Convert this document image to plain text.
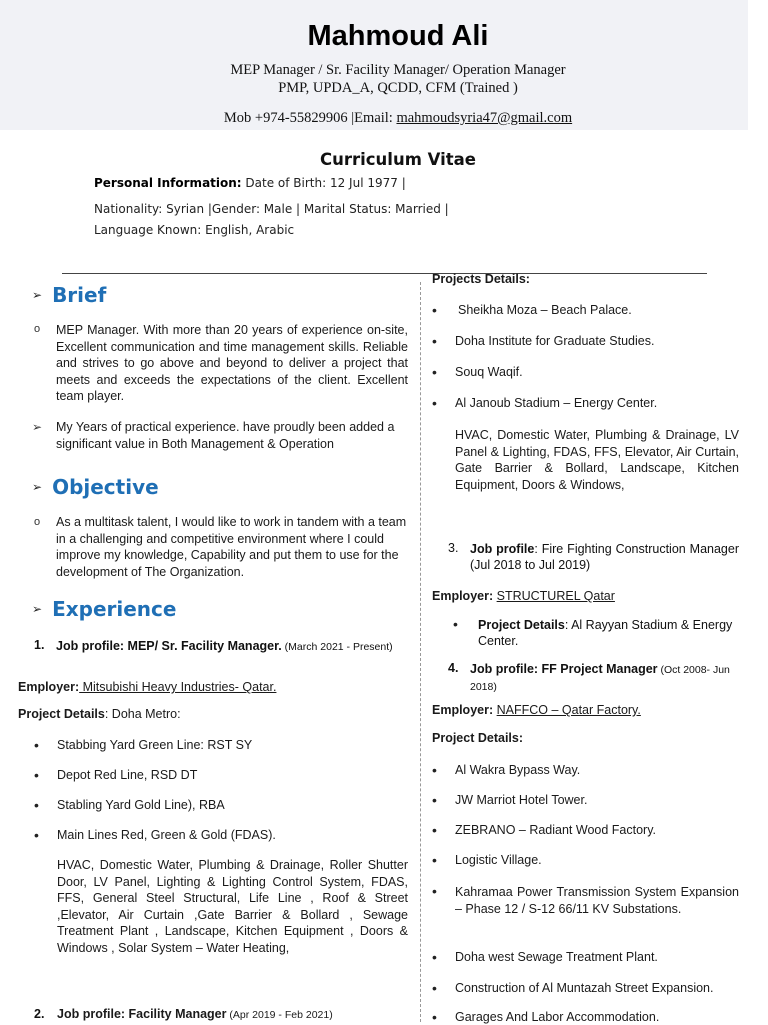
Mahmoud Ali
MEP Manager / Sr. Facility Manager/ Operation Manager
PMP, UPDA_A, QCDD, CFM (Trained )
Mob +974-55829906 |Email: mahmoudsyria47@gmail.com
Curriculum Vitae
Personal Information: Date of Birth: 12 Jul 1977 |
Nationality: Syrian |Gender: Male | Marital Status: Married |
Language Known: English, Arabic
➢ Brief
o MEP Manager. With more than 20 years of experience on-site, Excellent communication and time management skills. Reliable and strives to go above and beyond to deliver a project that meets and exceeds the expectations of the client. Excellent team player.
➢ My Years of practical experience. have proudly been added a significant value in Both Management & Operation
➢ Objective
o As a multitask talent, I would like to work in tandem with a team in a challenging and competitive environment where I could improve my knowledge, Capability and put them to use for the development of The Organization.
➢ Experience
1. Job profile: MEP/ Sr. Facility Manager. (March 2021 - Present)
Employer: Mitsubishi Heavy Industries- Qatar.
Project Details: Doha Metro:
• Stabbing Yard Green Line: RST SY
• Depot Red Line, RSD DT
• Stabling Yard Gold Line), RBA
• Main Lines Red, Green & Gold (FDAS).
HVAC, Domestic Water, Plumbing & Drainage, Roller Shutter Door, LV Panel, Lighting & Lighting Control System, FDAS, FFS, General Steel Structural, Life Line , Roof & Street ,Elevator, Air Curtain ,Gate Barrier & Bollard , Sewage Treatment Plant , Landscape, Kitchen Equipment , Doors & Windows , Solar System – Water Heating,
2. Job profile: Facility Manager (Apr 2019 - Feb 2021)
Projects Details:
• Sheikha Moza – Beach Palace.
• Doha Institute for Graduate Studies.
• Souq Waqif.
• Al Janoub Stadium – Energy Center.
HVAC, Domestic Water, Plumbing & Drainage, LV Panel & Lighting, FDAS, FFS, Elevator, Air Curtain, Gate Barrier & Bollard, Landscape, Kitchen Equipment, Doors & Windows,
3. Job profile: Fire Fighting Construction Manager (Jul 2018 to Jul 2019)
Employer: STRUCTUREL Qatar
• Project Details: Al Rayyan Stadium & Energy Center.
4. Job profile: FF Project Manager (Oct 2008- Jun 2018)
Employer: NAFFCO – Qatar Factory.
Project Details:
• Al Wakra Bypass Way.
• JW Marriot Hotel Tower.
• ZEBRANO – Radiant Wood Factory.
• Logistic Village.
• Kahramaa Power Transmission System Expansion – Phase 12 / S-12 66/11 KV Substations.
• Doha west Sewage Treatment Plant.
• Construction of Al Muntazah Street Expansion.
• Garages And Labor Accommodation.
